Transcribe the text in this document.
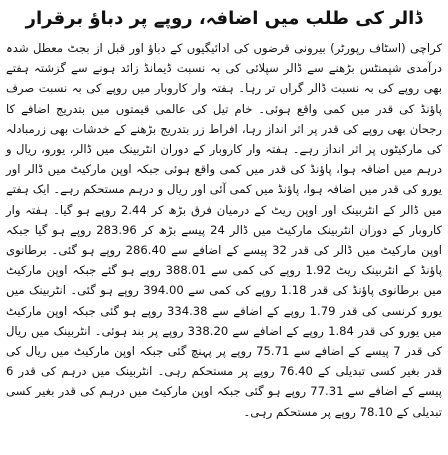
ڈالر کی طلب میں اضافہ، روپے پر دباؤ برقرار

کراچی (اسٹاف رپورٹر) بیرونی قرضوں کی ادائیگیوں کے دباؤ اور قبل از بجٹ معطل شدہ درآمدی شپمنٹس بڑھنے سے ڈالر سپلائی کی بہ نسبت ڈیمانڈ زائد ہونے سے گزشتہ ہفتے بھی روپے کی بہ نسبت ڈالر گراں تر رہا۔ ہفتہ وار کاروبار میں روپے کی بہ نسبت صرف پاؤنڈ کی قدر میں کمی واقع ہوئی۔ خام تیل کی عالمی قیمتوں میں بتدریج اضافے کا رجحان بھی روپے کی قدر پر اثر انداز رہا، افراط زر بتدریج بڑھنے کے خدشات بھی زرمبادلہ کی مارکیٹوں پر اثر انداز رہے۔ ہفتہ وار کاروبار کے دوران انٹربینک میں ڈالر، یورو، ریال و درہم میں اضافہ ہوا، پاؤنڈ کی قدر میں کمی واقع ہوئی جبکہ اوپن مارکیٹ میں ڈالر اور یورو کی قدر میں اضافہ ہوا، پاؤنڈ میں کمی آئی اور ریال و درہم مستحکم رہے۔ ایک ہفتے میں ڈالر کے انٹربینک اور اوپن ریٹ کے درمیان فرق بڑھ کر 2.44 روپے ہو گیا۔ ہفتہ وار کاروبار کے دوران انٹربینک مارکیٹ میں ڈالر 24 پیسے بڑھ کر 283.96 روپے ہو گیا جبکہ اوپن مارکیٹ میں ڈالر کی قدر 32 پیسے کے اضافے سے 286.40 روپے ہو گئی۔ برطانوی پاؤنڈ کے انٹربینک ریٹ 1.92 روپے کی کمی سے 388.01 روپے ہو گئے جبکہ اوپن مارکیٹ میں برطانوی پاؤنڈ کی قدر 1.18 روپے کی کمی سے 394.00 روپے ہو گئی۔ انٹربینک میں یورو کرنسی کی قدر 1.79 روپے کے اضافے سے 334.38 روپے ہو گئی جبکہ اوپن مارکیٹ میں یورو کی قدر 1.84 روپے کے اضافے سے 338.20 روپے پر بند ہوئی۔ انٹربینک میں ریال کی قدر 7 پیسے کے اضافے سے 75.71 روپے پر پہنچ گئی جبکہ اوپن مارکیٹ میں ریال کی قدر بغیر کسی تبدیلی کے 76.40 روپے پر مستحکم رہی۔ انٹربینک میں درہم کی قدر 6 پیسے کے اضافے سے 77.31 روپے ہو گئی جبکہ اوپن مارکیٹ میں درہم کی قدر بغیر کسی تبدیلی کے 78.10 روپے پر مستحکم رہی۔
